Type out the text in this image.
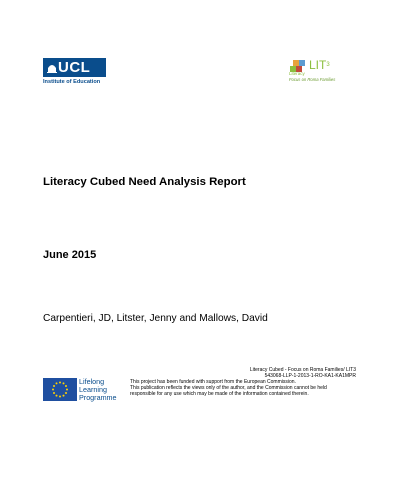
UCL
Institute of Education
LIT$^3$
Literacy
Focus on Roma Families
Literacy Cubed Need Analysis Report
June 2015
Carpentieri, JD, Litster, Jenny and Mallows, David
Lifelong
Learning
Programme
Literacy Cubed - Focus on Roma Families/ LIT3
543068-LLP-1-2013-1-RO-KA1-KA1MPR
This project has been funded with support from the European Commission.
This publication reflects the views only of the author, and the Commission cannot be held
responsible for any use which may be made of the information contained therein.
